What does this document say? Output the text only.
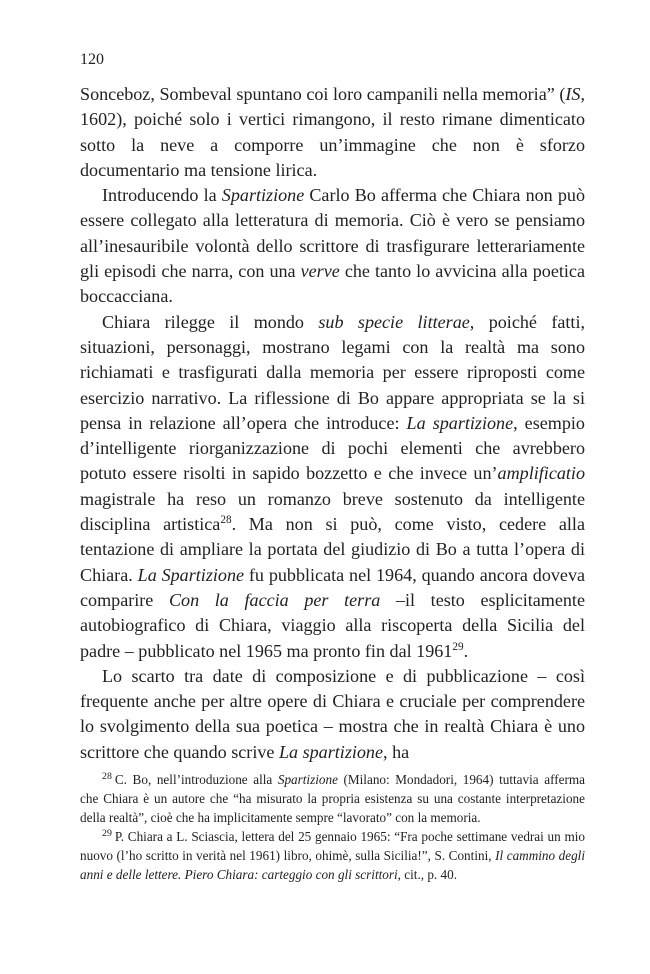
120

Sonceboz, Sombeval spuntano coi loro campanili nella memoria” (IS, 1602), poiché solo i vertici rimangono, il resto rimane dimenticato sotto la neve a comporre un’immagine che non è sforzo documentario ma tensione lirica.

Introducendo la Spartizione Carlo Bo afferma che Chiara non può essere collegato alla letteratura di memoria. Ciò è vero se pensiamo all’inesauribile volontà dello scrittore di trasfigurare letterariamente gli episodi che narra, con una verve che tanto lo avvicina alla poetica boccacciana.

Chiara rilegge il mondo sub specie litterae, poiché fatti, situazioni, personaggi, mostrano legami con la realtà ma sono richiamati e trasfigurati dalla memoria per essere riproposti come esercizio narrativo. La riflessione di Bo appare appropriata se la si pensa in relazione all’opera che introduce: La spartizione, esempio d’intelligente riorganizzazione di pochi elementi che avrebbero potuto essere risolti in sapido bozzetto e che invece un’amplificatio magistrale ha reso un romanzo breve sostenuto da intelligente disciplina artistica$^{28}$. Ma non si può, come visto, cedere alla tentazione di ampliare la portata del giudizio di Bo a tutta l’opera di Chiara. La Spartizione fu pubblicata nel 1964, quando ancora doveva comparire Con la faccia per terra –il testo esplicitamente autobiografico di Chiara, viaggio alla riscoperta della Sicilia del padre – pubblicato nel 1965 ma pronto fin dal 1961$^{29}$.

Lo scarto tra date di composizione e di pubblicazione – così frequente anche per altre opere di Chiara e cruciale per comprendere lo svolgimento della sua poetica – mostra che in realtà Chiara è uno scrittore che quando scrive La spartizione, ha

$^{28}$ C. Bo, nell’introduzione alla Spartizione (Milano: Mondadori, 1964) tuttavia afferma che Chiara è un autore che “ha misurato la propria esistenza su una costante interpretazione della realtà”, cioè che ha implicitamente sempre “lavorato” con la memoria.

$^{29}$ P. Chiara a L. Sciascia, lettera del 25 gennaio 1965: “Fra poche settimane vedrai un mio nuovo (l’ho scritto in verità nel 1961) libro, ohimè, sulla Sicilia!”, S. Contini, Il cammino degli anni e delle lettere. Piero Chiara: carteggio con gli scrittori, cit., p. 40.
